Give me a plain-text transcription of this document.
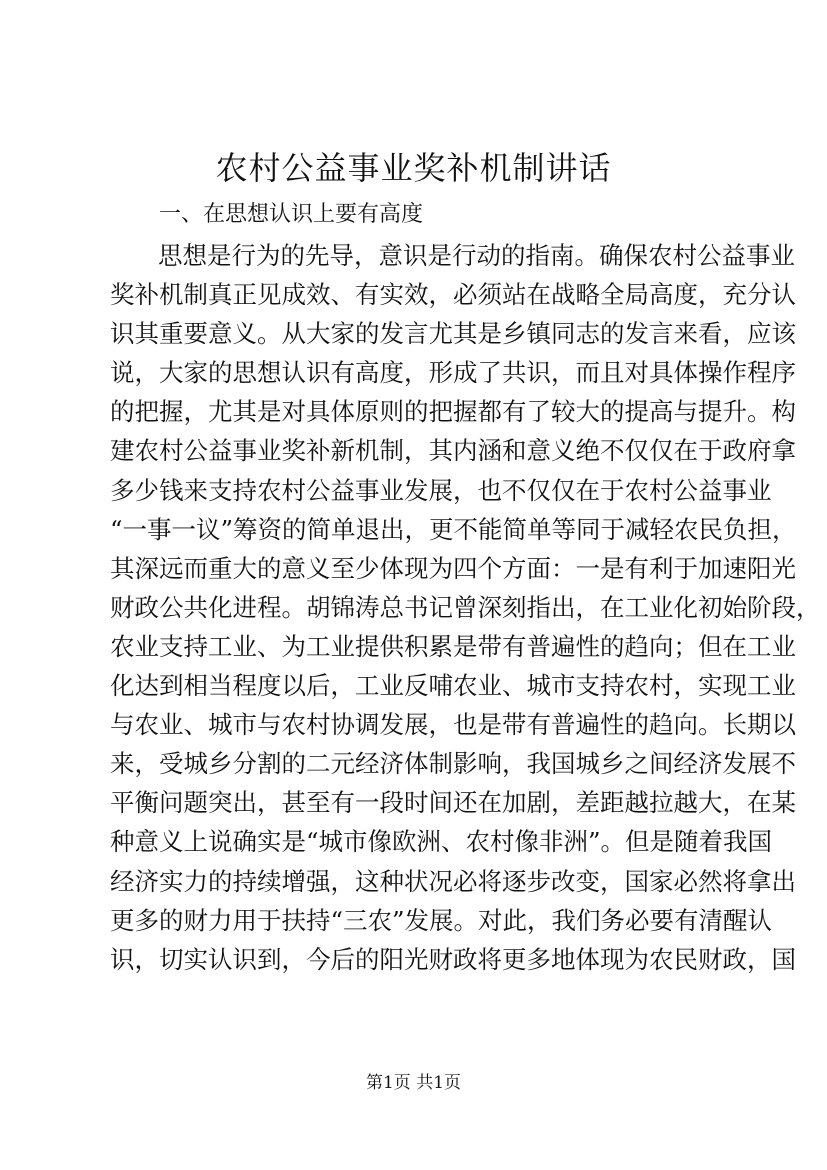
农村公益事业奖补机制讲话
一、在思想认识上要有高度
思想是行为的先导，意识是行动的指南。确保农村公益事业
奖补机制真正见成效、有实效，必须站在战略全局高度，充分认
识其重要意义。从大家的发言尤其是乡镇同志的发言来看，应该
说，大家的思想认识有高度，形成了共识，而且对具体操作程序
的把握，尤其是对具体原则的把握都有了较大的提高与提升。构
建农村公益事业奖补新机制，其内涵和意义绝不仅仅在于政府拿
多少钱来支持农村公益事业发展，也不仅仅在于农村公益事业
“一事一议”筹资的简单退出，更不能简单等同于减轻农民负担，
其深远而重大的意义至少体现为四个方面：一是有利于加速阳光
财政公共化进程。胡锦涛总书记曾深刻指出，在工业化初始阶段，
农业支持工业、为工业提供积累是带有普遍性的趋向；但在工业
化达到相当程度以后，工业反哺农业、城市支持农村，实现工业
与农业、城市与农村协调发展，也是带有普遍性的趋向。长期以
来，受城乡分割的二元经济体制影响，我国城乡之间经济发展不
平衡问题突出，甚至有一段时间还在加剧，差距越拉越大，在某
种意义上说确实是“城市像欧洲、农村像非洲”。但是随着我国
经济实力的持续增强，这种状况必将逐步改变，国家必然将拿出
更多的财力用于扶持“三农”发展。对此，我们务必要有清醒认
识，切实认识到，今后的阳光财政将更多地体现为农民财政，国
第1页 共1页
